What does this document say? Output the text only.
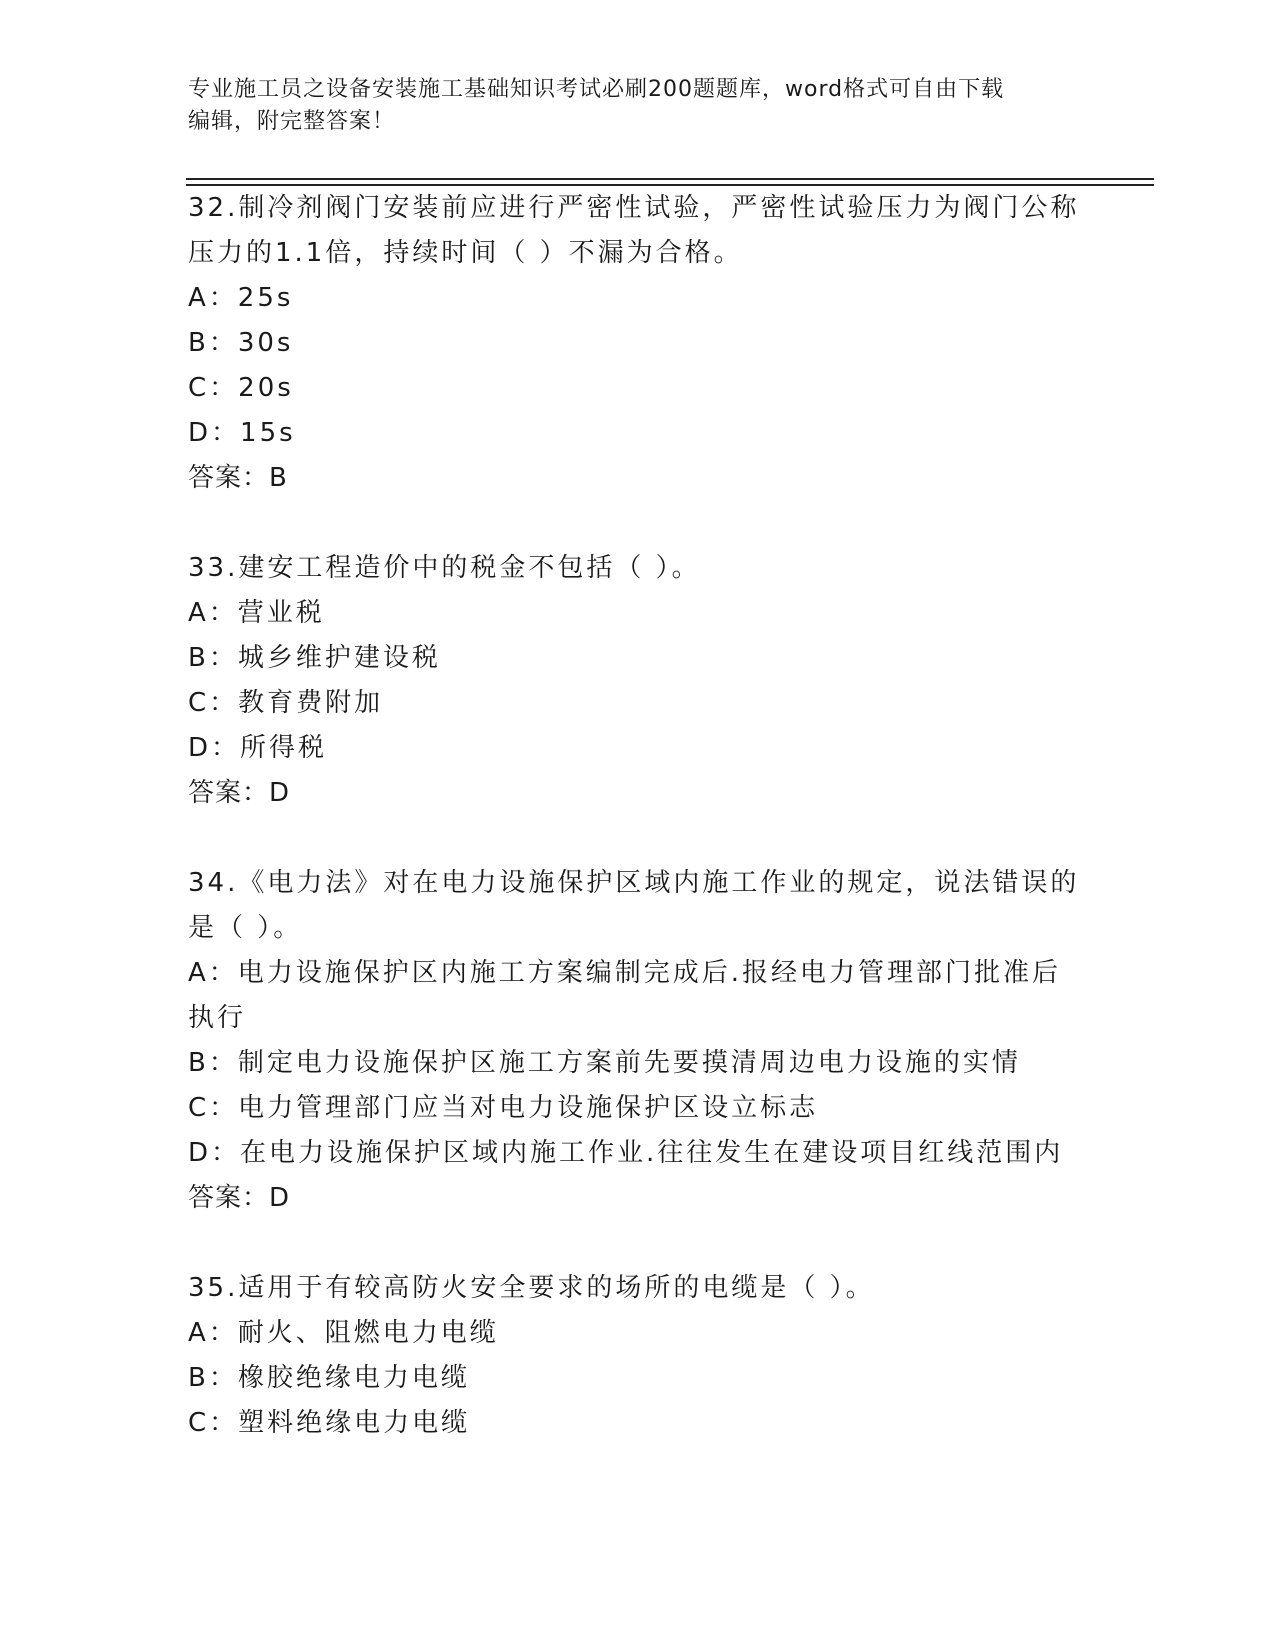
专业施工员之设备安装施工基础知识考试必刷200题题库，word格式可自由下载
编辑，附完整答案！
32.制冷剂阀门安装前应进行严密性试验，严密性试验压力为阀门公称
压力的1.1倍，持续时间（ ）不漏为合格。
A：25s
B：30s
C：20s
D：15s
答案：B
33.建安工程造价中的税金不包括（ ）。
A：营业税
B：城乡维护建设税
C：教育费附加
D：所得税
答案：D
34.《电力法》对在电力设施保护区域内施工作业的规定，说法错误的
是（ ）。
A：电力设施保护区内施工方案编制完成后.报经电力管理部门批准后
执行
B：制定电力设施保护区施工方案前先要摸清周边电力设施的实情
C：电力管理部门应当对电力设施保护区设立标志
D：在电力设施保护区域内施工作业.往往发生在建设项目红线范围内
答案：D
35.适用于有较高防火安全要求的场所的电缆是（ ）。
A：耐火、阻燃电力电缆
B：橡胶绝缘电力电缆
C：塑料绝缘电力电缆
